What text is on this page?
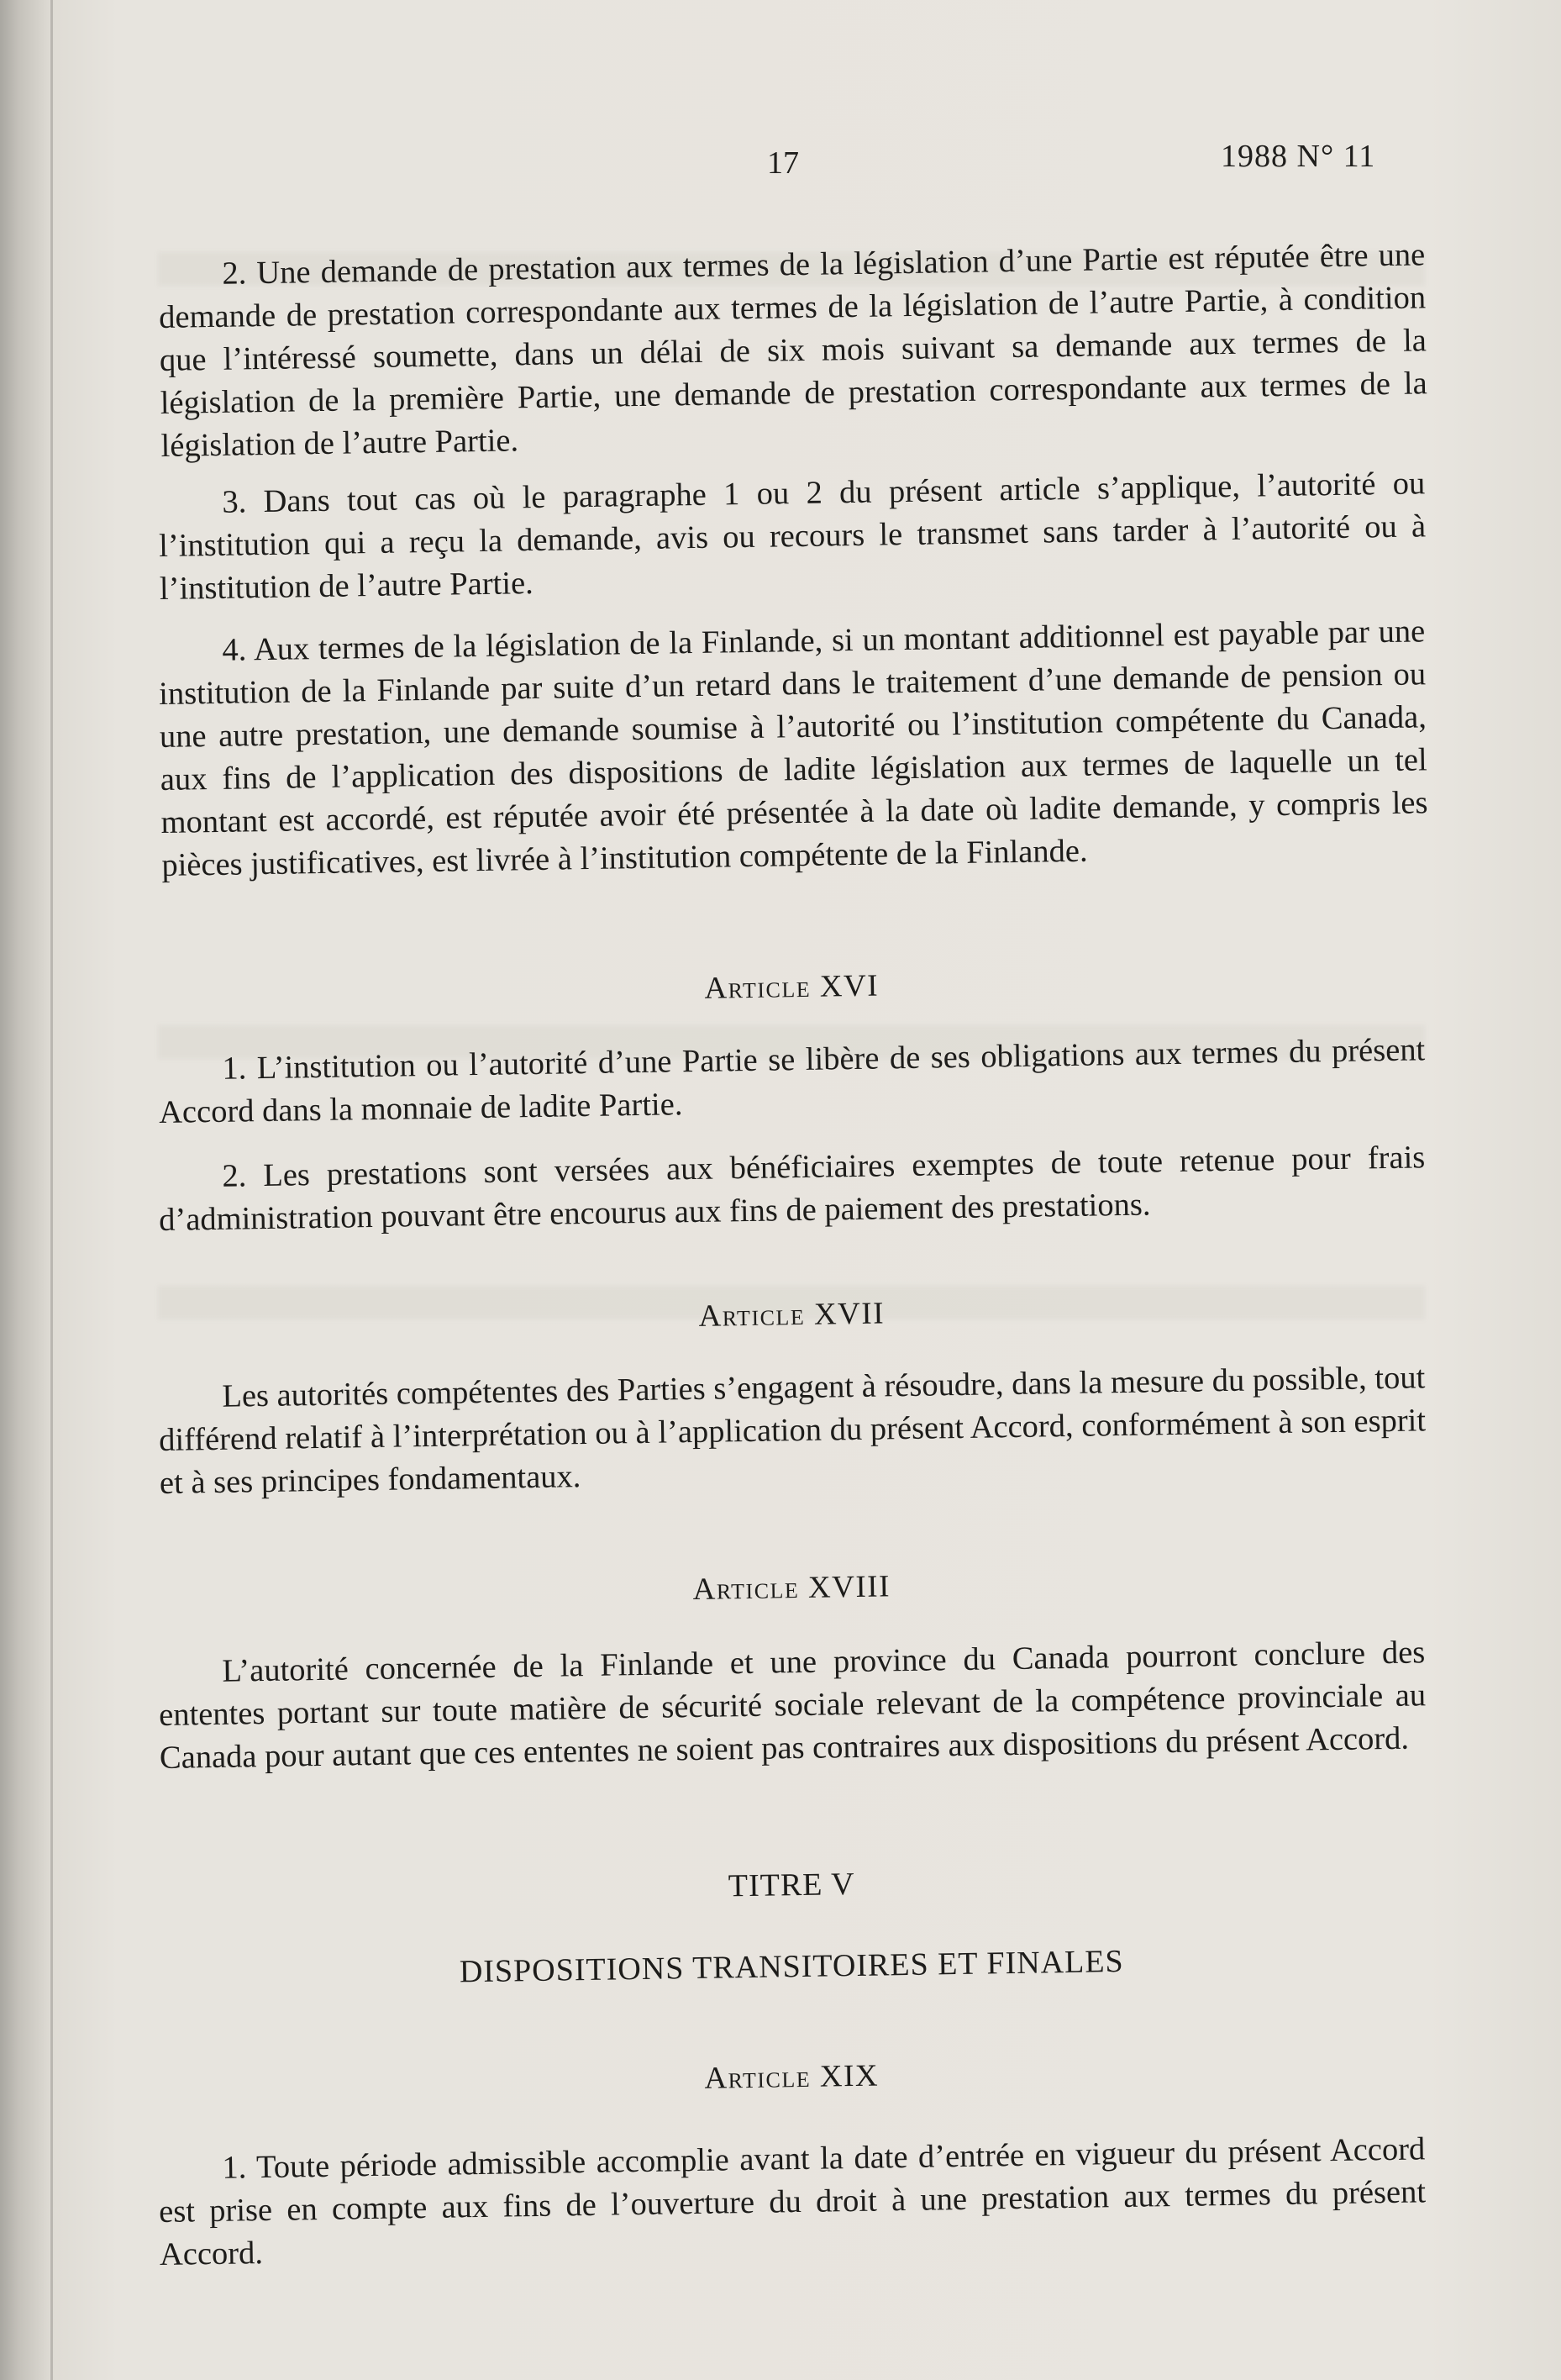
17	1988 N° 11
2. Une demande de prestation aux termes de la législation d’une Partie est réputée être une demande de prestation correspondante aux termes de la législation de l’autre Partie, à condition que l’intéressé soumette, dans un délai de six mois suivant sa demande aux termes de la législation de la première Partie, une demande de prestation correspondante aux termes de la législation de l’autre Partie.
3. Dans tout cas où le paragraphe 1 ou 2 du présent article s’applique, l’autorité ou l’institution qui a reçu la demande, avis ou recours le transmet sans tarder à l’autorité ou à l’institution de l’autre Partie.
4. Aux termes de la législation de la Finlande, si un montant additionnel est payable par une institution de la Finlande par suite d’un retard dans le traitement d’une demande de pension ou une autre prestation, une demande soumise à l’autorité ou l’institution compétente du Canada, aux fins de l’application des dispositions de ladite législation aux termes de laquelle un tel montant est accordé, est réputée avoir été présentée à la date où ladite demande, y compris les pièces justificatives, est livrée à l’institution compétente de la Finlande.
Article XVI
1. L’institution ou l’autorité d’une Partie se libère de ses obligations aux termes du présent Accord dans la monnaie de ladite Partie.
2. Les prestations sont versées aux bénéficiaires exemptes de toute retenue pour frais d’administration pouvant être encourus aux fins de paiement des prestations.
Article XVII
Les autorités compétentes des Parties s’engagent à résoudre, dans la mesure du possible, tout différend relatif à l’interprétation ou à l’application du présent Accord, conformément à son esprit et à ses principes fondamentaux.
Article XVIII
L’autorité concernée de la Finlande et une province du Canada pourront conclure des ententes portant sur toute matière de sécurité sociale relevant de la compétence provinciale au Canada pour autant que ces ententes ne soient pas contraires aux dispositions du présent Accord.
TITRE V
DISPOSITIONS TRANSITOIRES ET FINALES
Article XIX
1. Toute période admissible accomplie avant la date d’entrée en vigueur du présent Accord est prise en compte aux fins de l’ouverture du droit à une prestation aux termes du présent Accord.
